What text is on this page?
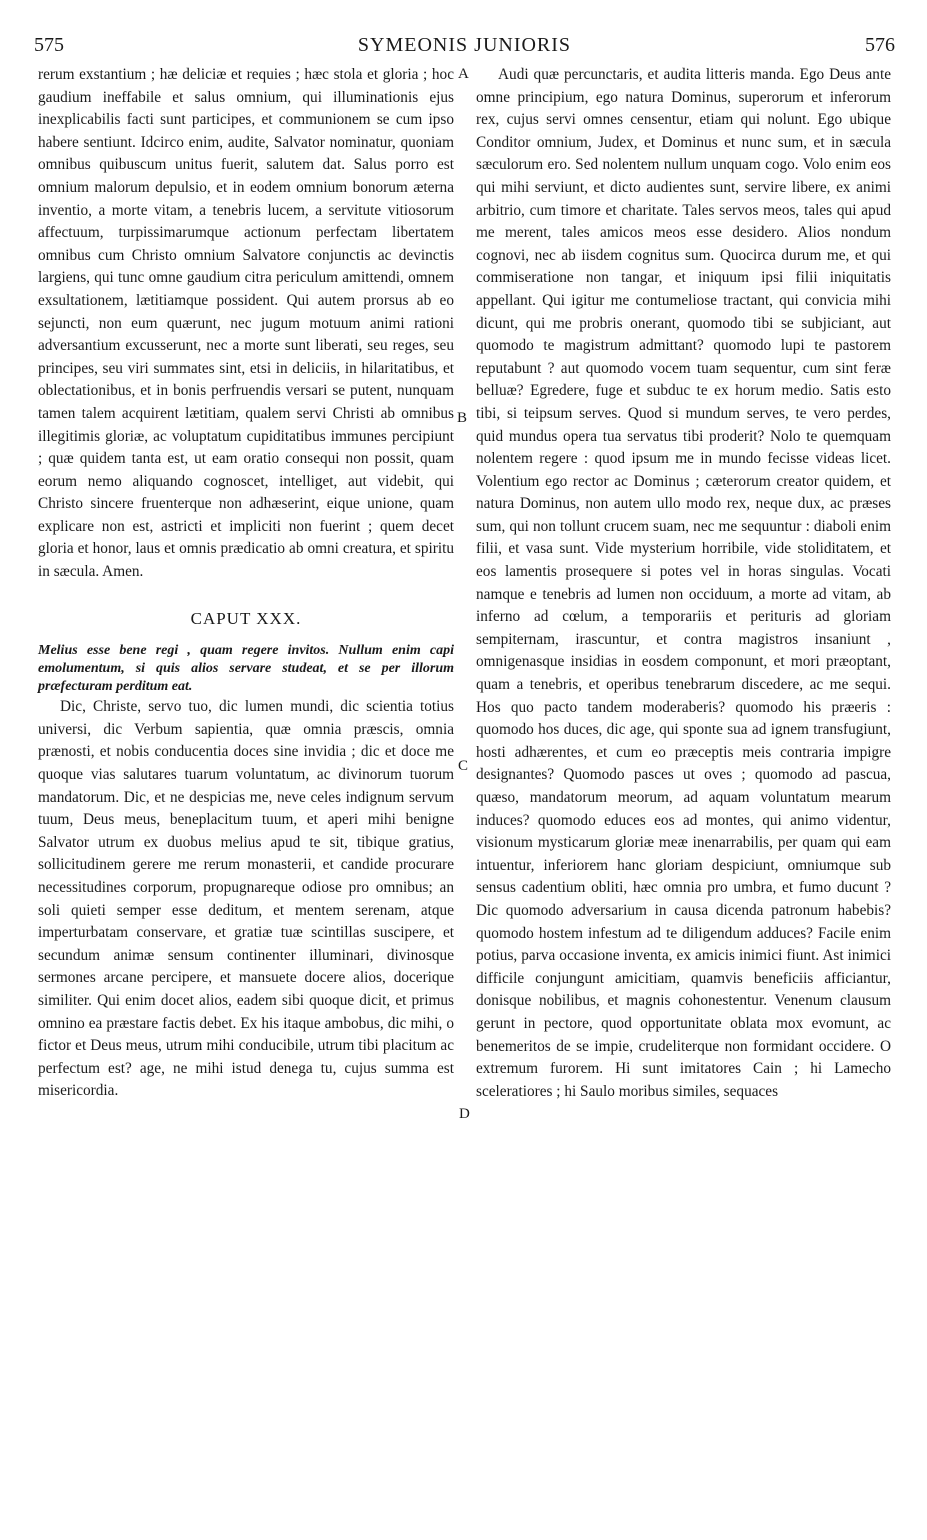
575	SYMEONIS JUNIORIS	576
A
B
C
D

rerum exstantium ; hæ deliciæ et requies ; hæc stola et gloria ; hoc gaudium ineffabile et salus omnium, qui illuminationis ejus inexplicabilis facti sunt participes, et communionem se cum ipso habere sentiunt. Idcirco enim, audite, Salvator nominatur, quoniam omnibus quibuscum unitus fuerit, salutem dat. Salus porro est omnium malorum depulsio, et in eodem omnium bonorum æterna inventio, a morte vitam, a tenebris lucem, a servitute vitiosorum affectuum, turpissimarumque actionum perfectam libertatem omnibus cum Christo omnium Salvatore conjunctis ac devinctis largiens, qui tunc omne gaudium citra periculum amittendi, omnem exsultationem, lætitiamque possident. Qui autem prorsus ab eo sejuncti, non eum quærunt, nec jugum motuum animi rationi adversantium excusserunt, nec a morte sunt liberati, seu reges, seu principes, seu viri summates sint, etsi in deliciis, in hilaritatibus, et oblectationibus, et in bonis perfruendis versari se putent, nunquam tamen talem acquirent lætitiam, qualem servi Christi ab omnibus illegitimis gloriæ, ac voluptatum cupiditatibus immunes percipiunt ; quæ quidem tanta est, ut eam oratio consequi non possit, quam eorum nemo aliquando cognoscet, intelliget, aut videbit, qui Christo sincere fruenterque non adhæserint, eique unione, quam explicare non est, astricti et impliciti non fuerint ; quem decet gloria et honor, laus et omnis prædicatio ab omni creatura, et spiritu in sæcula. Amen.

CAPUT XXX.

Melius esse bene regi , quam regere invitos. Nullum enim capi emolumentum, si quis alios servare studeat, et se per illorum præfecturam perditum eat.

Dic, Christe, servo tuo, dic lumen mundi, dic scientia totius universi, dic Verbum sapientia, quæ omnia præscis, omnia prænosti, et nobis conducentia doces sine invidia ; dic et doce me quoque vias salutares tuarum voluntatum, ac divinorum tuorum mandatorum. Dic, et ne despicias me, neve celes indignum servum tuum, Deus meus, beneplacitum tuum, et aperi mihi benigne Salvator utrum ex duobus melius apud te sit, tibique gratius, sollicitudinem gerere me rerum monasterii, et candide procurare necessitudines corporum, propugnareque odiose pro omnibus; an soli quieti semper esse deditum, et mentem serenam, atque imperturbatam conservare, et gratiæ tuæ scintillas suscipere, et secundum animæ sensum continenter illuminari, divinosque sermones arcane percipere, et mansuete docere alios, docerique similiter. Qui enim docet alios, eadem sibi quoque dicit, et primus omnino ea præstare factis debet. Ex his itaque ambobus, dic mihi, o fictor et Deus meus, utrum mihi conducibile, utrum tibi placitum ac perfectum est? age, ne mihi istud denega tu, cujus summa est misericordia.

Audi quæ percunctaris, et audita litteris manda. Ego Deus ante omne principium, ego natura Dominus, superorum et inferorum rex, cujus servi omnes censentur, etiam qui nolunt. Ego ubique Conditor omnium, Judex, et Dominus et nunc sum, et in sæcula sæculorum ero. Sed nolentem nullum unquam cogo. Volo enim eos qui mihi serviunt, et dicto audientes sunt, servire libere, ex animi arbitrio, cum timore et charitate. Tales servos meos, tales qui apud me merent, tales amicos meos esse desidero. Alios nondum cognovi, nec ab iisdem cognitus sum. Quocirca durum me, et qui commiseratione non tangar, et iniquum ipsi filii iniquitatis appellant. Qui igitur me contumeliose tractant, qui convicia mihi dicunt, qui me probris onerant, quomodo tibi se subjiciant, aut quomodo te magistrum admittant? quomodo lupi te pastorem reputabunt ? aut quomodo vocem tuam sequentur, cum sint feræ belluæ? Egredere, fuge et subduc te ex horum medio. Satis esto tibi, si teipsum serves. Quod si mundum serves, te vero perdes, quid mundus opera tua servatus tibi proderit? Nolo te quemquam nolentem regere : quod ipsum me in mundo fecisse videas licet. Volentium ego rector ac Dominus ; cæterorum creator quidem, et natura Dominus, non autem ullo modo rex, neque dux, ac præses sum, qui non tollunt crucem suam, nec me sequuntur : diaboli enim filii, et vasa sunt. Vide mysterium horribile, vide stoliditatem, et eos lamentis prosequere si potes vel in horas singulas. Vocati namque e tenebris ad lumen non occiduum, a morte ad vitam, ab inferno ad cœlum, a temporariis et perituris ad gloriam sempiternam, irascuntur, et contra magistros insaniunt , omnigenasque insidias in eosdem componunt, et mori præoptant, quam a tenebris, et operibus tenebrarum discedere, ac me sequi. Hos quo pacto tandem moderaberis? quomodo his præeris : quomodo hos duces, dic age, qui sponte sua ad ignem transfugiunt, hosti adhærentes, et cum eo præceptis meis contraria impigre designantes? Quomodo pasces ut oves ; quomodo ad pascua, quæso, mandatorum meorum, ad aquam voluntatum mearum induces? quomodo educes eos ad montes, qui animo videntur, visionum mysticarum gloriæ meæ inenarrabilis, per quam qui eam intuentur, inferiorem hanc gloriam despiciunt, omniumque sub sensus cadentium obliti, hæc omnia pro umbra, et fumo ducunt ? Dic quomodo adversarium in causa dicenda patronum habebis? quomodo hostem infestum ad te diligendum adduces? Facile enim potius, parva occasione inventa, ex amicis inimici fiunt. Ast inimici difficile conjungunt amicitiam, quamvis beneficiis afficiantur, donisque nobilibus, et magnis cohonestentur. Venenum clausum gerunt in pectore, quod opportunitate oblata mox evomunt, ac benemeritos de se impie, crudeliterque non formidant occidere. O extremum furorem. Hi sunt imitatores Cain ; hi Lamecho sceleratiores ; hi Saulo moribus similes, sequaces
